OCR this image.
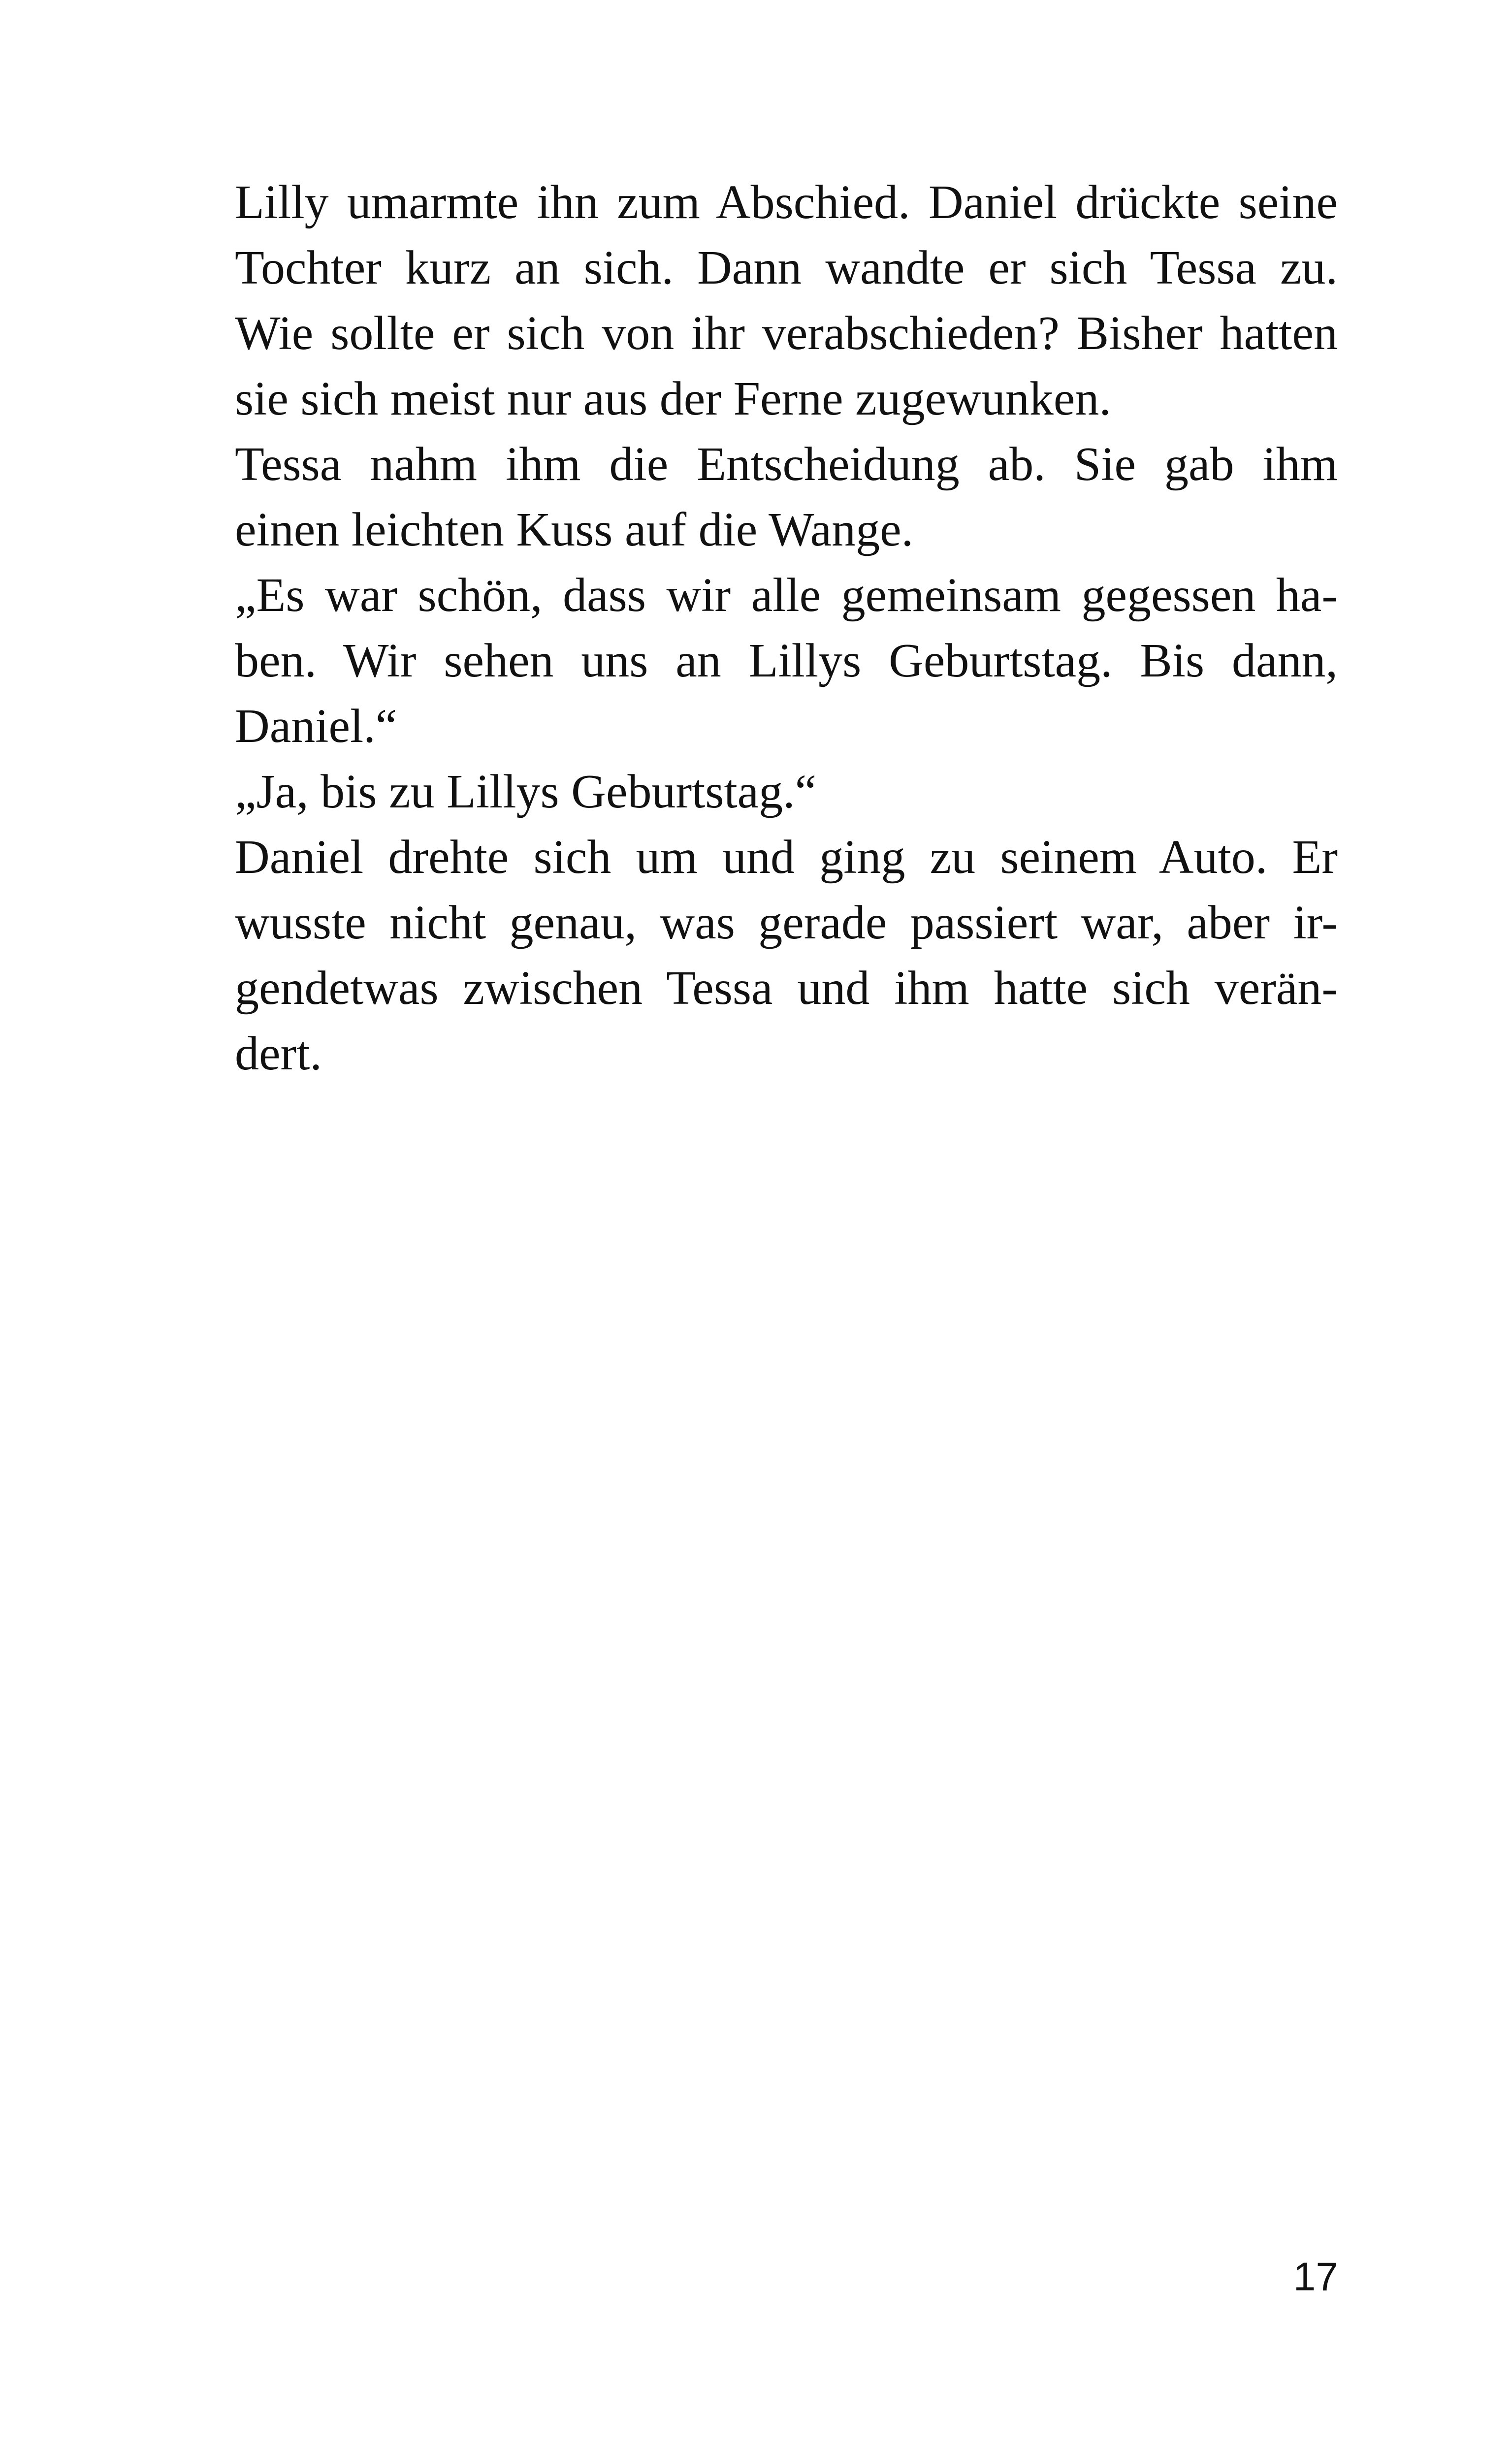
Lilly umarmte ihn zum Abschied. Daniel drückte seine
Tochter kurz an sich. Dann wandte er sich Tessa zu.
Wie sollte er sich von ihr verabschieden? Bisher hatten
sie sich meist nur aus der Ferne zugewunken.
Tessa nahm ihm die Entscheidung ab. Sie gab ihm
einen leichten Kuss auf die Wange.
„Es war schön, dass wir alle gemeinsam gegessen ha-
ben. Wir sehen uns an Lillys Geburtstag. Bis dann,
Daniel.“
„Ja, bis zu Lillys Geburtstag.“
Daniel drehte sich um und ging zu seinem Auto. Er
wusste nicht genau, was gerade passiert war, aber ir-
gendetwas zwischen Tessa und ihm hatte sich verän-
dert.
17
